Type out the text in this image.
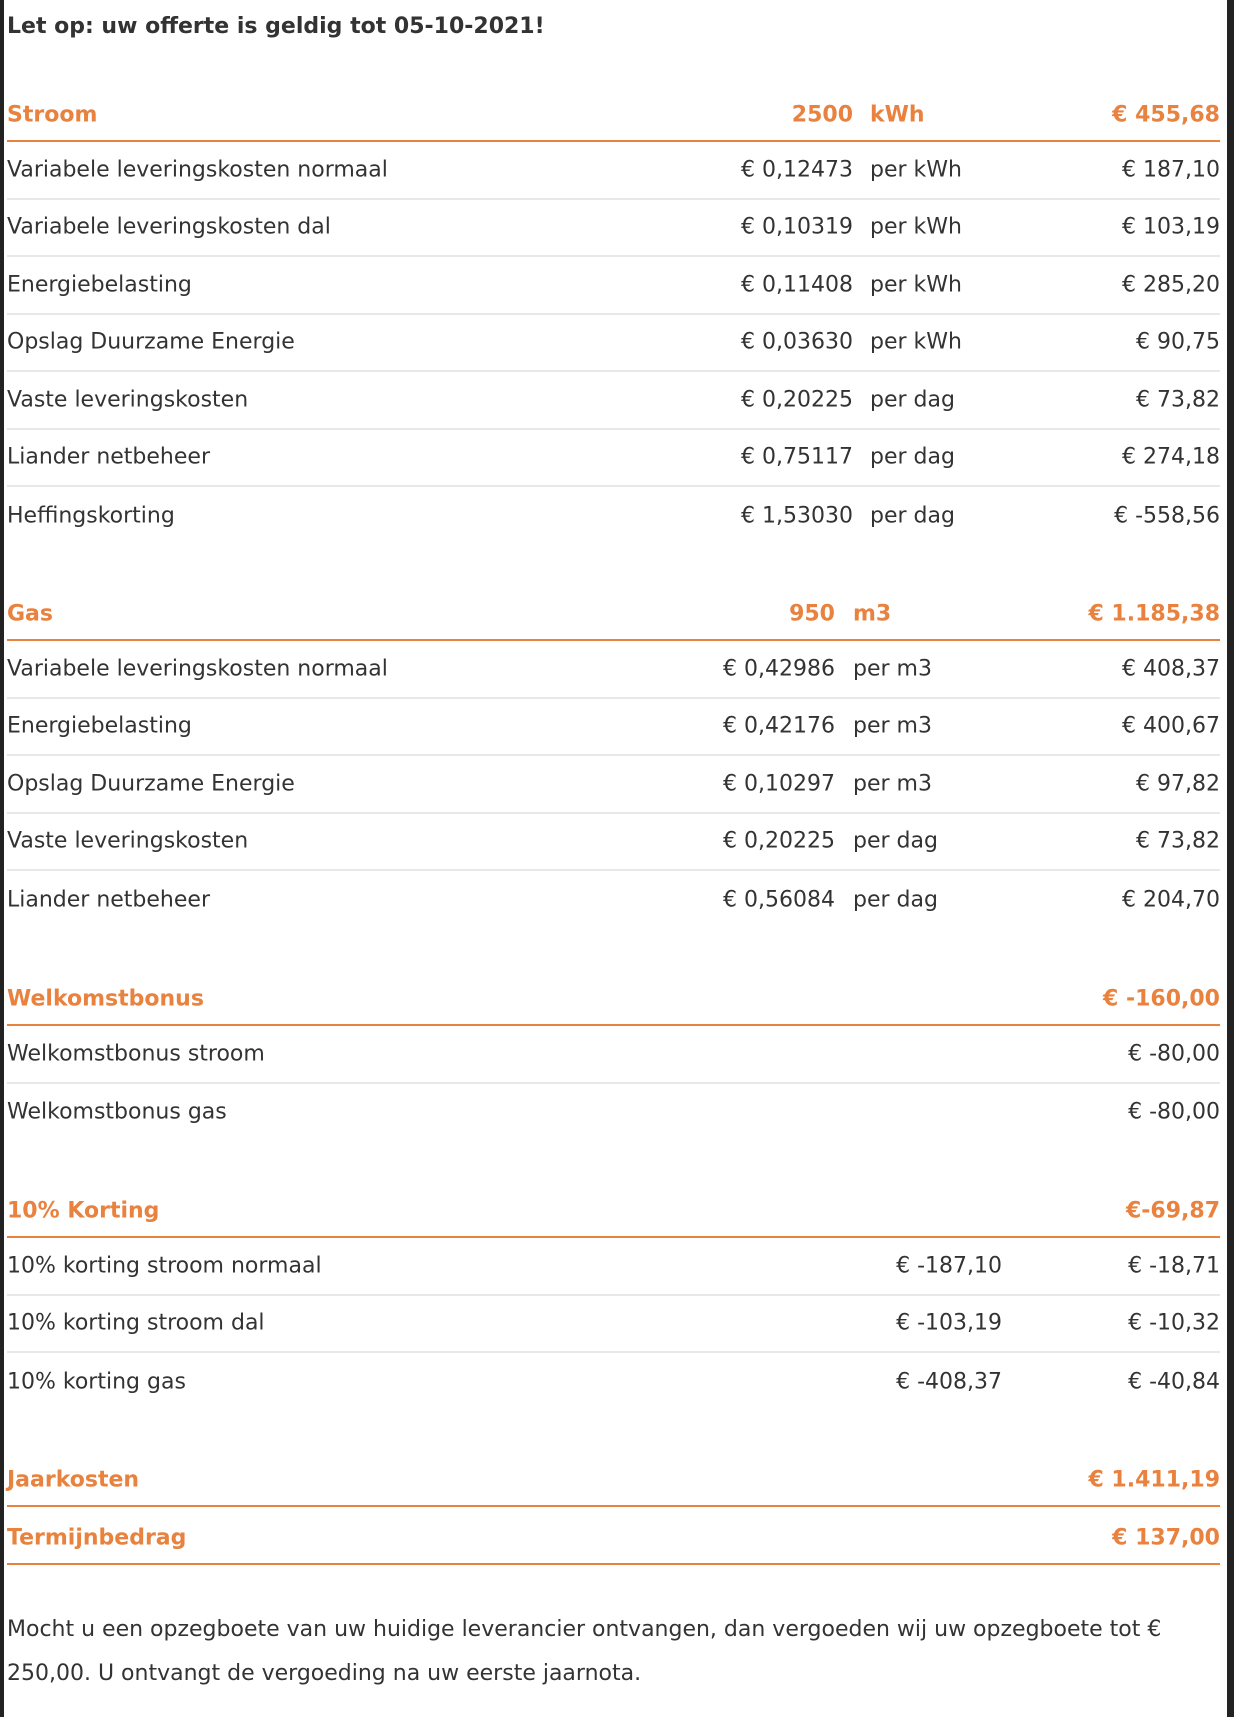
Let op: uw offerte is geldig tot 05-10-2021!
Mocht u een opzegboete van uw huidige leverancier ontvangen, dan vergoeden wij uw opzegboete tot € 250,00. U ontvangt de vergoeding na uw eerste jaarnota.
Stroom	2500 kWh	€ 455,68
Variabele leveringskosten normaal	€ 0,12473 per kWh	€ 187,10
Variabele leveringskosten dal	€ 0,10319 per kWh	€ 103,19
Energiebelasting	€ 0,11408 per kWh	€ 285,20
Opslag Duurzame Energie	€ 0,03630 per kWh	€ 90,75
Vaste leveringskosten	€ 0,20225 per dag	€ 73,82
Liander netbeheer	€ 0,75117 per dag	€ 274,18
Heffingskorting	€ 1,53030 per dag	€ -558,56
Gas	950 m3	€ 1.185,38
Variabele leveringskosten normaal	€ 0,42986 per m3	€ 408,37
Energiebelasting	€ 0,42176 per m3	€ 400,67
Opslag Duurzame Energie	€ 0,10297 per m3	€ 97,82
Vaste leveringskosten	€ 0,20225 per dag	€ 73,82
Liander netbeheer	€ 0,56084 per dag	€ 204,70
Welkomstbonus	€ -160,00
Welkomstbonus stroom	€ -80,00
Welkomstbonus gas	€ -80,00
10% Korting	€-69,87
10% korting stroom normaal	€ -187,10	€ -18,71
10% korting stroom dal	€ -103,19	€ -10,32
10% korting gas	€ -408,37	€ -40,84
Jaarkosten	€ 1.411,19
Termijnbedrag	€ 137,00
